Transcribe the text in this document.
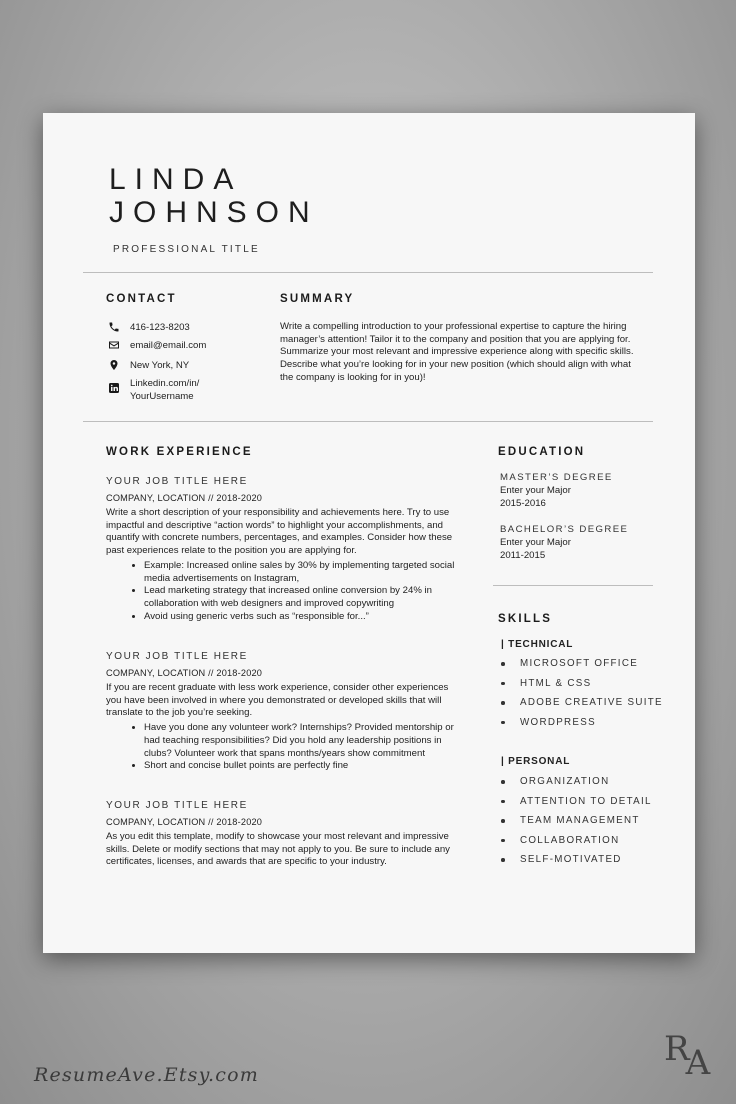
LINDA
JOHNSON
PROFESSIONAL TITLE
CONTACT
416-123-8203
email@email.com
New York, NY
Linkedin.com/in/
YourUsername
SUMMARY
Write a compelling introduction to your professional expertise to capture the hiring manager’s attention! Tailor it to the company and position that you are applying for. Summarize your most relevant and impressive experience along with specific skills. Describe what you’re looking for in your new position (which should align with what the company is looking for in you)!
WORK EXPERIENCE
YOUR JOB TITLE HERE
COMPANY, LOCATION // 2018-2020
Write a short description of your responsibility and achievements here. Try to use impactful and descriptive “action words” to highlight your accomplishments, and quantify with concrete numbers, percentages, and examples. Consider how these past experiences relate to the position you are applying for.
• Example: Increased online sales by 30% by implementing targeted social media advertisements on Instagram,
• Lead marketing strategy that increased online conversion by 24% in collaboration with web designers and improved copywriting
• Avoid using generic verbs such as “responsible for...”
YOUR JOB TITLE HERE
COMPANY, LOCATION // 2018-2020
If you are recent graduate with less work experience, consider other experiences you have been involved in where you demonstrated or developed skills that will translate to the job you’re seeking.
• Have you done any volunteer work? Internships? Provided mentorship or had teaching responsibilities? Did you hold any leadership positions in clubs? Volunteer work that spans months/years show commitment
• Short and concise bullet points are perfectly fine
YOUR JOB TITLE HERE
COMPANY, LOCATION // 2018-2020
As you edit this template, modify to showcase your most relevant and impressive skills. Delete or modify sections that may not apply to you. Be sure to include any certificates, licenses, and awards that are specific to your industry.
EDUCATION
MASTER’S DEGREE
Enter your Major
2015-2016
BACHELOR’S DEGREE
Enter your Major
2011-2015
SKILLS
| TECHNICAL
MICROSOFT OFFICE
HTML & CSS
ADOBE CREATIVE SUITE
WORDPRESS
| PERSONAL
ORGANIZATION
ATTENTION TO DETAIL
TEAM MANAGEMENT
COLLABORATION
SELF-MOTIVATED
ResumeAve.Etsy.com
RA
